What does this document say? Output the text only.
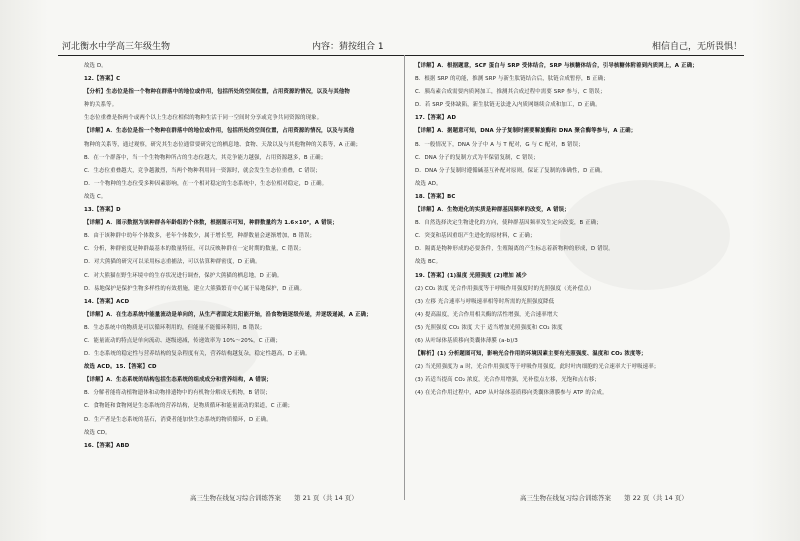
河北衡水中学高三年级生物	内容：猜按组合 1	相信自己，无所畏惧！
故选 D。
12.【答案】C
【分析】生态位是指一个物种在群落中的地位或作用，包括所处的空间位置，占用资源的情况，以及与其他物
种的关系等。
生态位重叠是指两个或两个以上生态位相似的物种生活于同一空间时分享或竞争共同资源的现象。
【详解】A．生态位是指一个物种在群落中的地位或作用，包括所处的空间位置，占用资源的情况，以及与其他
物种的关系等，通过观察，研究其生态位通常要研究它的栖息地、食物、天敌以及与其他物种的关系等，A 正确；
B．在一个群落中，当一个生物物种所占的生态位越大，其竞争能力越强，占用资源越多，B 正确；
C．生态位重叠越大，竞争越激烈，当两个物种利用同一资源时，就会发生生态位重叠，C 错误；
D．一个物种的生态位受多种因素影响，在一个相对稳定的生态系统中，生态位相对稳定，D 正确。
故选 C。
13.【答案】D
【详解】A．图示数据为该种群各年龄组的个体数，根据图示可知，种群数量约为 1.6×10⁶，A 错误；
B．由于该种群中幼年个体数多，老年个体数少，属于增长型，种群数量会逐渐增加，B 错误；
C．分析，种群密度是种群最基本的数量特征，可以反映种群在一定时期的数量，C 错误；
D．对大熊猫的研究可以采用标志重捕法，可以估算种群密度，D 正确。
C．对大熊猫在野生环境中的生存状况进行调查，保护大熊猫的栖息地，D 正确。
D．易地保护是保护生物多样性的有效措施，建立大熊猫繁育中心属于易地保护，D 正确。
14.【答案】ACD
【详解】A．在生态系统中能量流动是单向的，从生产者固定太阳能开始，沿食物链逐级传递，并逐级递减，A 正确；
B．生态系统中的物质是可以循环利用的，但能量不能循环利用，B 错误；
C．能量流动的特点是单向流动、逐级递减，传递效率为 10%～20%，C 正确；
D．生态系统的稳定性与营养结构的复杂程度有关，营养结构越复杂，稳定性越高，D 正确。
故选 ACD。15.【答案】CD
【详解】A．生态系统的结构包括生态系统的组成成分和营养结构，A 错误；
B．分解者能将动植物遗体和动物排遗物中的有机物分解成无机物，B 错误；
C．食物链和食物网是生态系统的营养结构，是物质循环和能量流动的渠道，C 正确；
D．生产者是生态系统的基石，消费者能加快生态系统的物质循环，D 正确。
故选 CD。
16.【答案】ABD
【详解】A．根据题意，SCF 蛋白与 SRP 受体结合，SRP 与核糖体结合，引导核糖体附着到内质网上，A 正确；
B．根据 SRP 的功能，推测 SRP 与新生肽链结合后，肽链合成暂停，B 正确；
C．胰岛素合成需要内质网加工，推测其合成过程中需要 SRP 参与，C 错误；
D．若 SRP 受体缺陷，新生肽链无法进入内质网继续合成和加工，D 正确。
17.【答案】AD
【详解】A．据题意可知，DNA 分子复制时需要解旋酶和 DNA 聚合酶等参与，A 正确；
B．一般情况下，DNA 分子中 A 与 T 配对，G 与 C 配对，B 错误；
C．DNA 分子的复制方式为半保留复制，C 错误；
D．DNA 分子复制时遵循碱基互补配对原则，保证了复制的准确性，D 正确。
故选 AD。
18.【答案】BC
【详解】A．生物进化的实质是种群基因频率的改变，A 错误；
B．自然选择决定生物进化的方向，使种群基因频率发生定向改变，B 正确；
C．突变和基因重组产生进化的原材料，C 正确；
D．隔离是物种形成的必要条件，生殖隔离的产生标志着新物种的形成，D 错误。
故选 BC。
19.【答案】(1)温度 光照强度 (2)增加 减少
(2) CO₂ 浓度 光合作用强度等于呼吸作用强度时的光照强度（光补偿点）
(3) 左移 光合速率与呼吸速率相等时所需的光照强度降低
(4) 提高温度，光合作用相关酶的活性增强，光合速率增大
(5) 光照强度 CO₂ 浓度 大于 适当增加光照强度和 CO₂ 浓度
(6) 从叶绿体基质移向类囊体薄膜 (a-b)/3
【解析】(1) 分析题图可知，影响光合作用的环境因素主要有光照强度、温度和 CO₂ 浓度等；
(2) 当光照强度为 a 时，光合作用强度等于呼吸作用强度，此时叶肉细胞的光合速率大于呼吸速率；
(3) 若适当提高 CO₂ 浓度，光合作用增强，光补偿点左移，光饱和点右移；
(4) 在光合作用过程中，ADP 从叶绿体基质移向类囊体薄膜参与 ATP 的合成。
高三生物在线复习综合训练答案　　第 21 页（共 14 页）	高三生物在线复习综合训练答案　　第 22 页（共 14 页）
